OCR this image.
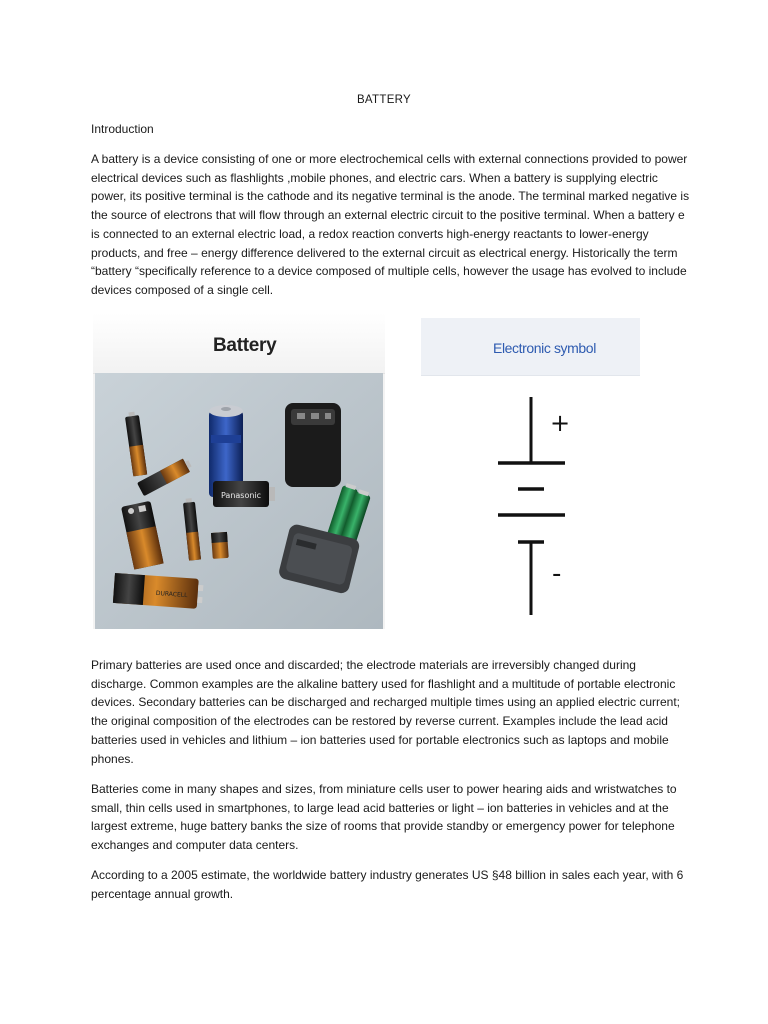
BATTERY
Introduction

A battery is a device consisting of one or more electrochemical cells with external connections provided to power electrical devices such as flashlights ,mobile phones, and electric cars. When a battery is supplying electric power, its positive terminal is the cathode and its negative terminal is the anode. The terminal marked negative is the source of electrons that will flow through an external electric circuit to the positive terminal. When a battery e is connected to an external electric load, a redox reaction converts high-energy reactants to lower-energy products, and free – energy difference delivered to the external circuit as electrical energy. Historically the term “battery “specifically reference to a device composed of multiple cells, however the usage has evolved to include devices composed of a single cell.

Battery
Panasonic
DURACELL
Electronic symbol
+
-

Primary batteries are used once and discarded; the electrode materials are irreversibly changed during discharge. Common examples are the alkaline battery used for flashlight and a multitude of portable electronic devices. Secondary batteries can be discharged and recharged multiple times using an applied electric current; the original composition of the electrodes can be restored by reverse current. Examples include the lead acid batteries used in vehicles and lithium – ion batteries used for portable electronics such as laptops and mobile phones.

Batteries come in many shapes and sizes, from miniature cells user to power hearing aids and wristwatches to small, thin cells used in smartphones, to large lead acid batteries or light – ion batteries in vehicles and at the largest extreme, huge battery banks the size of rooms that provide standby or emergency power for telephone exchanges and computer data centers.

According to a 2005 estimate, the worldwide battery industry generates US §48 billion in sales each year, with 6 percentage annual growth.
